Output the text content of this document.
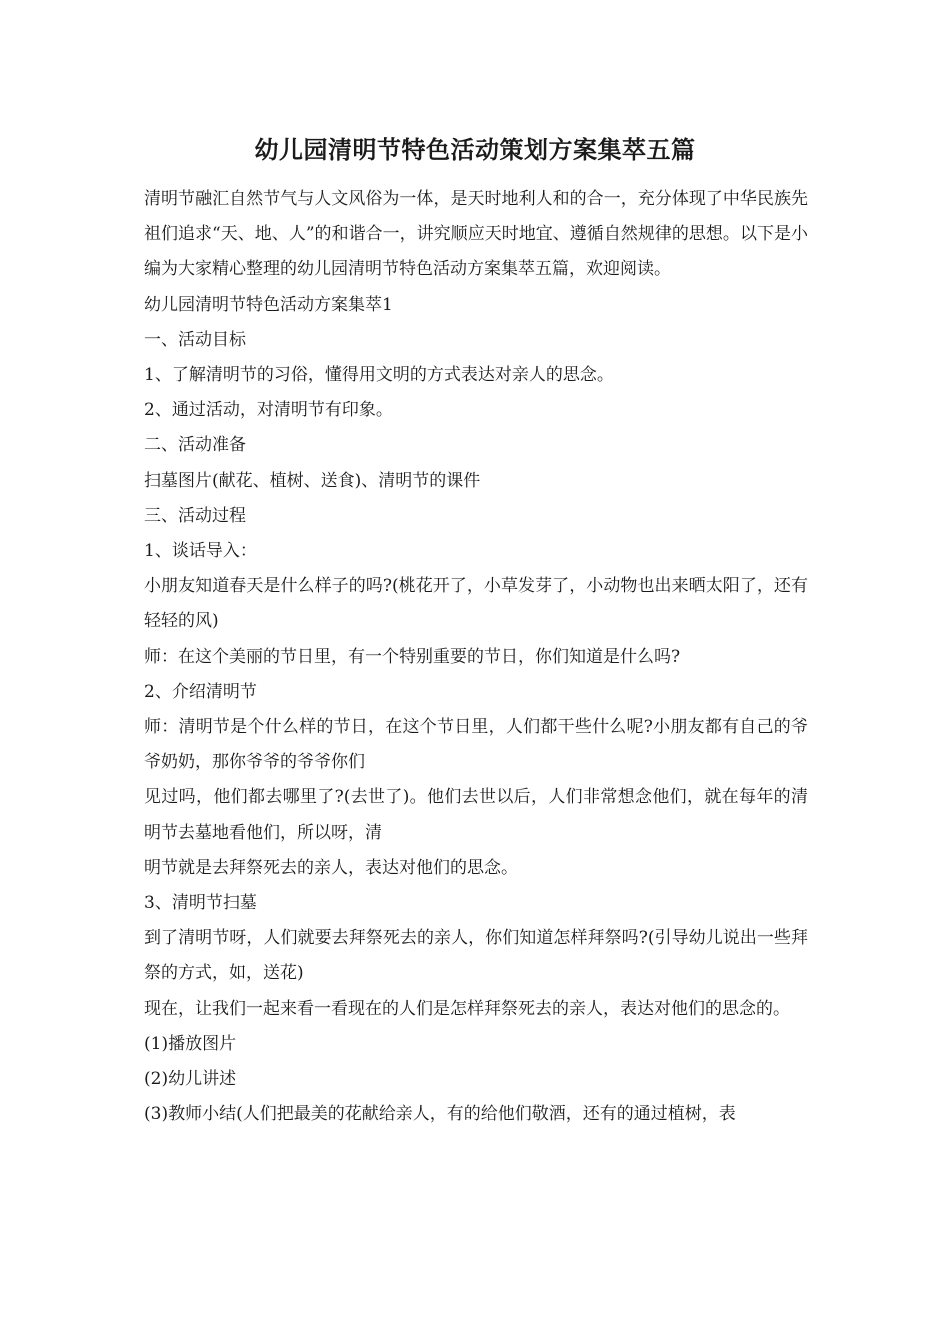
幼儿园清明节特色活动策划方案集萃五篇

清明节融汇自然节气与人文风俗为一体，是天时地利人和的合一，充分体现了中华民族先祖们追求“天、地、人”的和谐合一，讲究顺应天时地宜、遵循自然规律的思想。以下是小编为大家精心整理的幼儿园清明节特色活动方案集萃五篇，欢迎阅读。

幼儿园清明节特色活动方案集萃1

一、活动目标

1、了解清明节的习俗，懂得用文明的方式表达对亲人的思念。

2、通过活动，对清明节有印象。

二、活动准备

扫墓图片(献花、植树、送食)、清明节的课件

三、活动过程

1、谈话导入：

小朋友知道春天是什么样子的吗?(桃花开了，小草发芽了，小动物也出来晒太阳了，还有轻轻的风)

师：在这个美丽的节日里，有一个特别重要的节日，你们知道是什么吗?

2、介绍清明节

师：清明节是个什么样的节日，在这个节日里，人们都干些什么呢?小朋友都有自己的爷爷奶奶，那你爷爷的爷爷你们

见过吗，他们都去哪里了?(去世了)。他们去世以后，人们非常想念他们，就在每年的清明节去墓地看他们，所以呀，清

明节就是去拜祭死去的亲人，表达对他们的思念。

3、清明节扫墓

到了清明节呀，人们就要去拜祭死去的亲人，你们知道怎样拜祭吗?(引导幼儿说出一些拜祭的方式，如，送花)

现在，让我们一起来看一看现在的人们是怎样拜祭死去的亲人，表达对他们的思念的。

(1)播放图片

(2)幼儿讲述

(3)教师小结(人们把最美的花献给亲人，有的给他们敬酒，还有的通过植树，表
